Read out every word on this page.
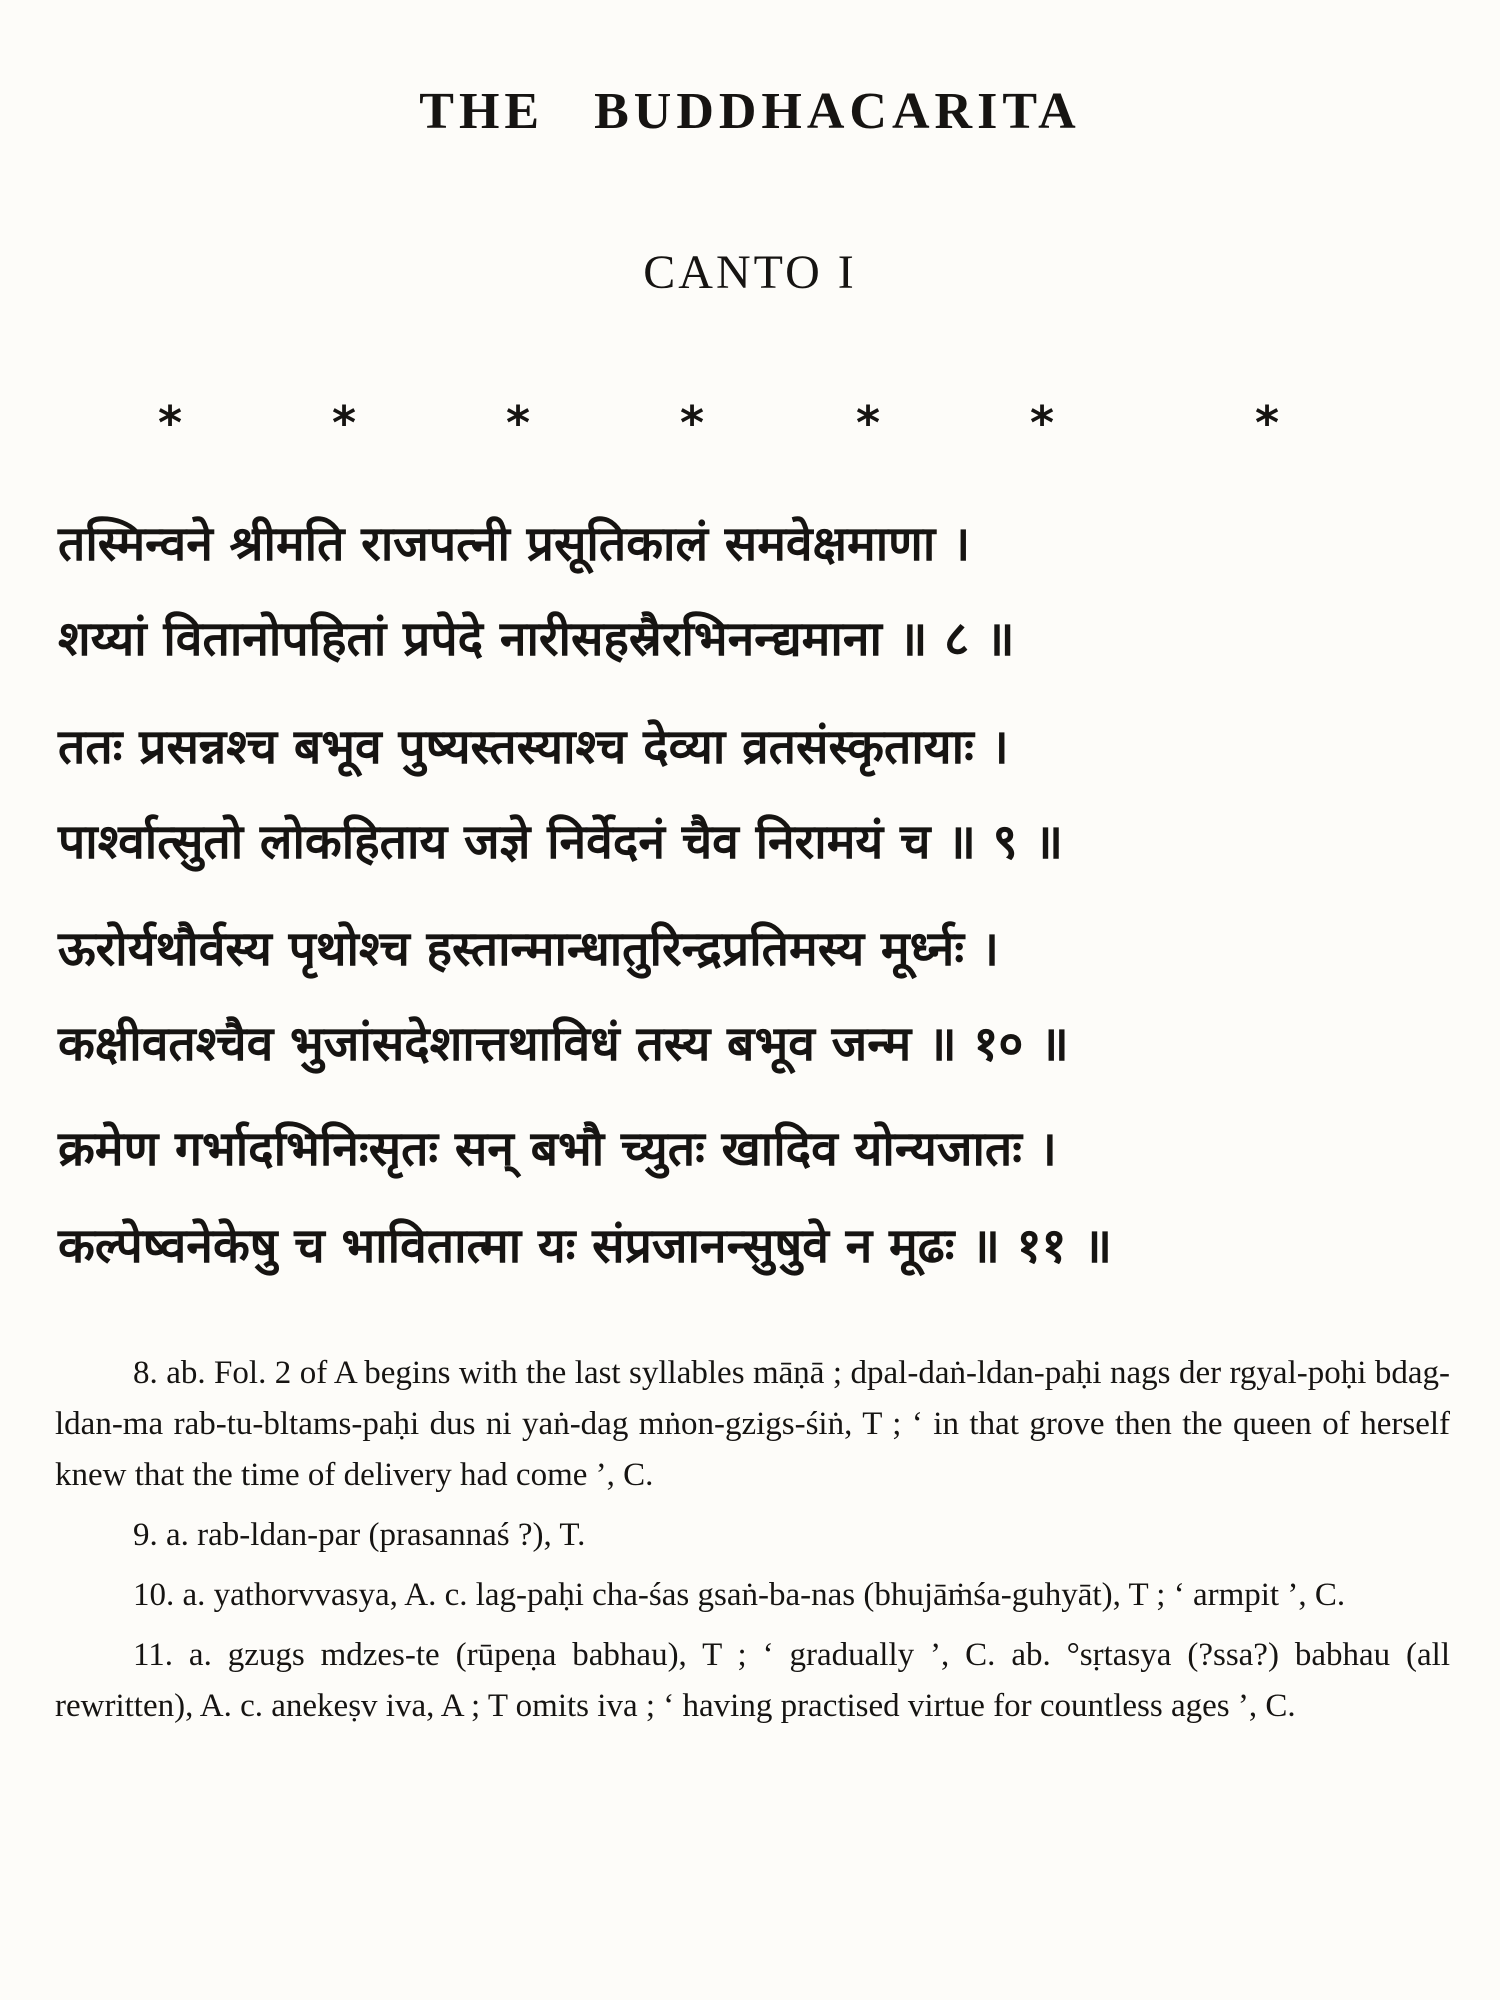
THE BUDDHACARITA
CANTO I
*	*	*	*	*	*	*
तस्मिन्वने श्रीमति राजपत्नी प्रसूतिकालं समवेक्षमाणा ।
शय्यां वितानोपहितां प्रपेदे नारीसहस्रैरभिनन्द्यमाना ॥ ८ ॥
ततः प्रसन्नश्च बभूव पुष्यस्तस्याश्च देव्या व्रतसंस्कृतायाः ।
पार्श्वात्सुतो लोकहिताय जज्ञे निर्वेदनं चैव निरामयं च ॥ ९ ॥
ऊरोर्यथौर्वस्य पृथोश्च हस्तान्मान्धातुरिन्द्रप्रतिमस्य मूर्ध्नः ।
कक्षीवतश्चैव भुजांसदेशात्तथाविधं तस्य बभूव जन्म ॥ १० ॥
क्रमेण गर्भादभिनिःसृतः सन् बभौ च्युतः खादिव योन्यजातः ।
कल्पेष्वनेकेषु च भावितात्मा यः संप्रजानन्सुषुवे न मूढः ॥ ११ ॥

8. ab. Fol. 2 of A begins with the last syllables māṇā ; dpal-daṅ-ldan-paḥi nags der rgyal-poḥi bdag-ldan-ma rab-tu-bltams-paḥi dus ni yaṅ-dag mṅon-gzigs-śiṅ, T ; ‘ in that grove then the queen of herself knew that the time of delivery had come ’, C.

9. a. rab-ldan-par (prasannaś ?), T.

10. a. yathorvvasya, A. c. lag-paḥi cha-śas gsaṅ-ba-nas (bhujāṁśa-guhyāt), T ; ‘ armpit ’, C.

11. a. gzugs mdzes-te (rūpeṇa babhau), T ; ‘ gradually ’, C. ab. °sṛtasya (?ssa?) babhau (all rewritten), A. c. anekeṣv iva, A ; T omits iva ; ‘ having practised virtue for countless ages ’, C.
